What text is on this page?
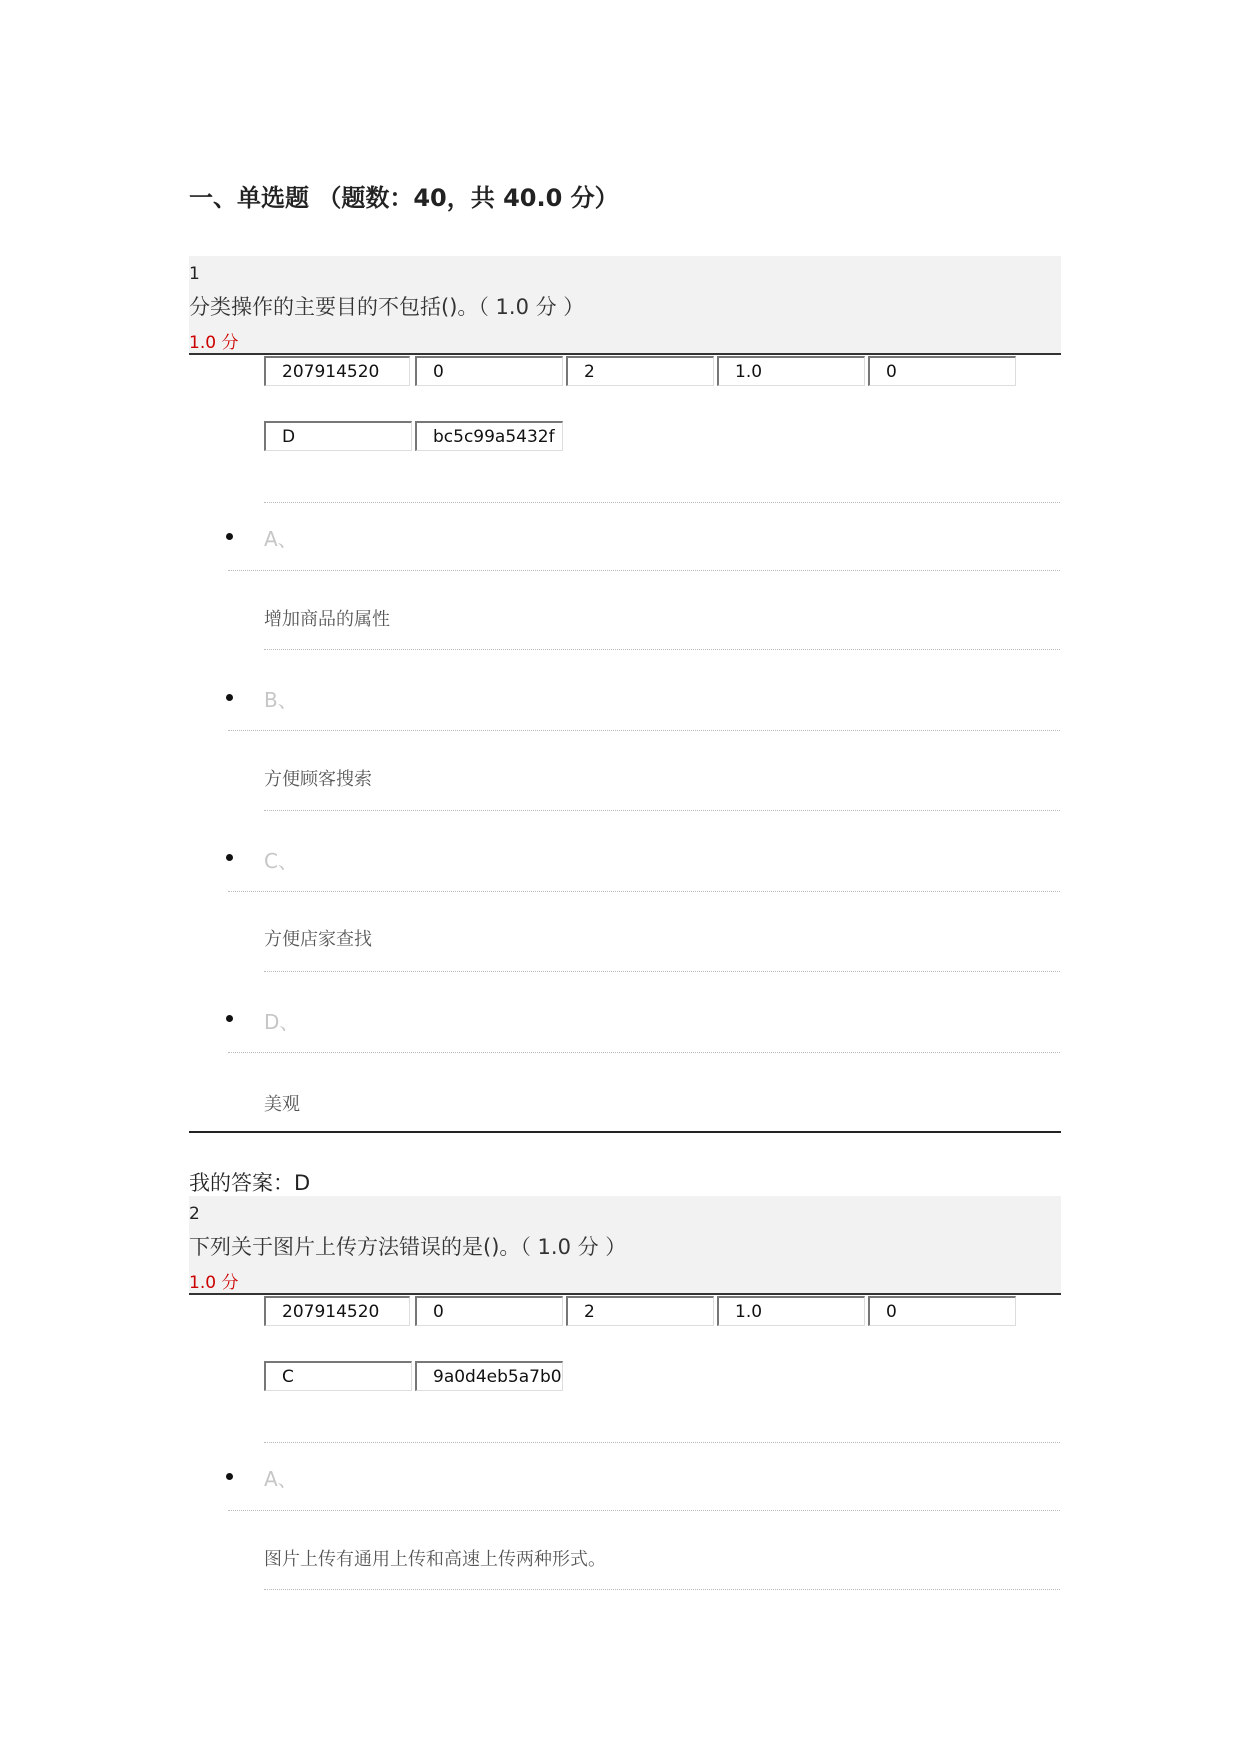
一、单选题 （题数：40，共 40.0 分）
1
分类操作的主要目的不包括()。（ 1.0 分 ）
1.0 分
207914520	0	2	1.0	0
D	bc5c99a5432f
A、
增加商品的属性
B、
方便顾客搜索
C、
方便店家查找
D、
美观
我的答案：D
2
下列关于图片上传方法错误的是()。（ 1.0 分 ）
1.0 分
207914520	0	2	1.0	0
C	9a0d4eb5a7b0
A、
图片上传有通用上传和高速上传两种形式。
